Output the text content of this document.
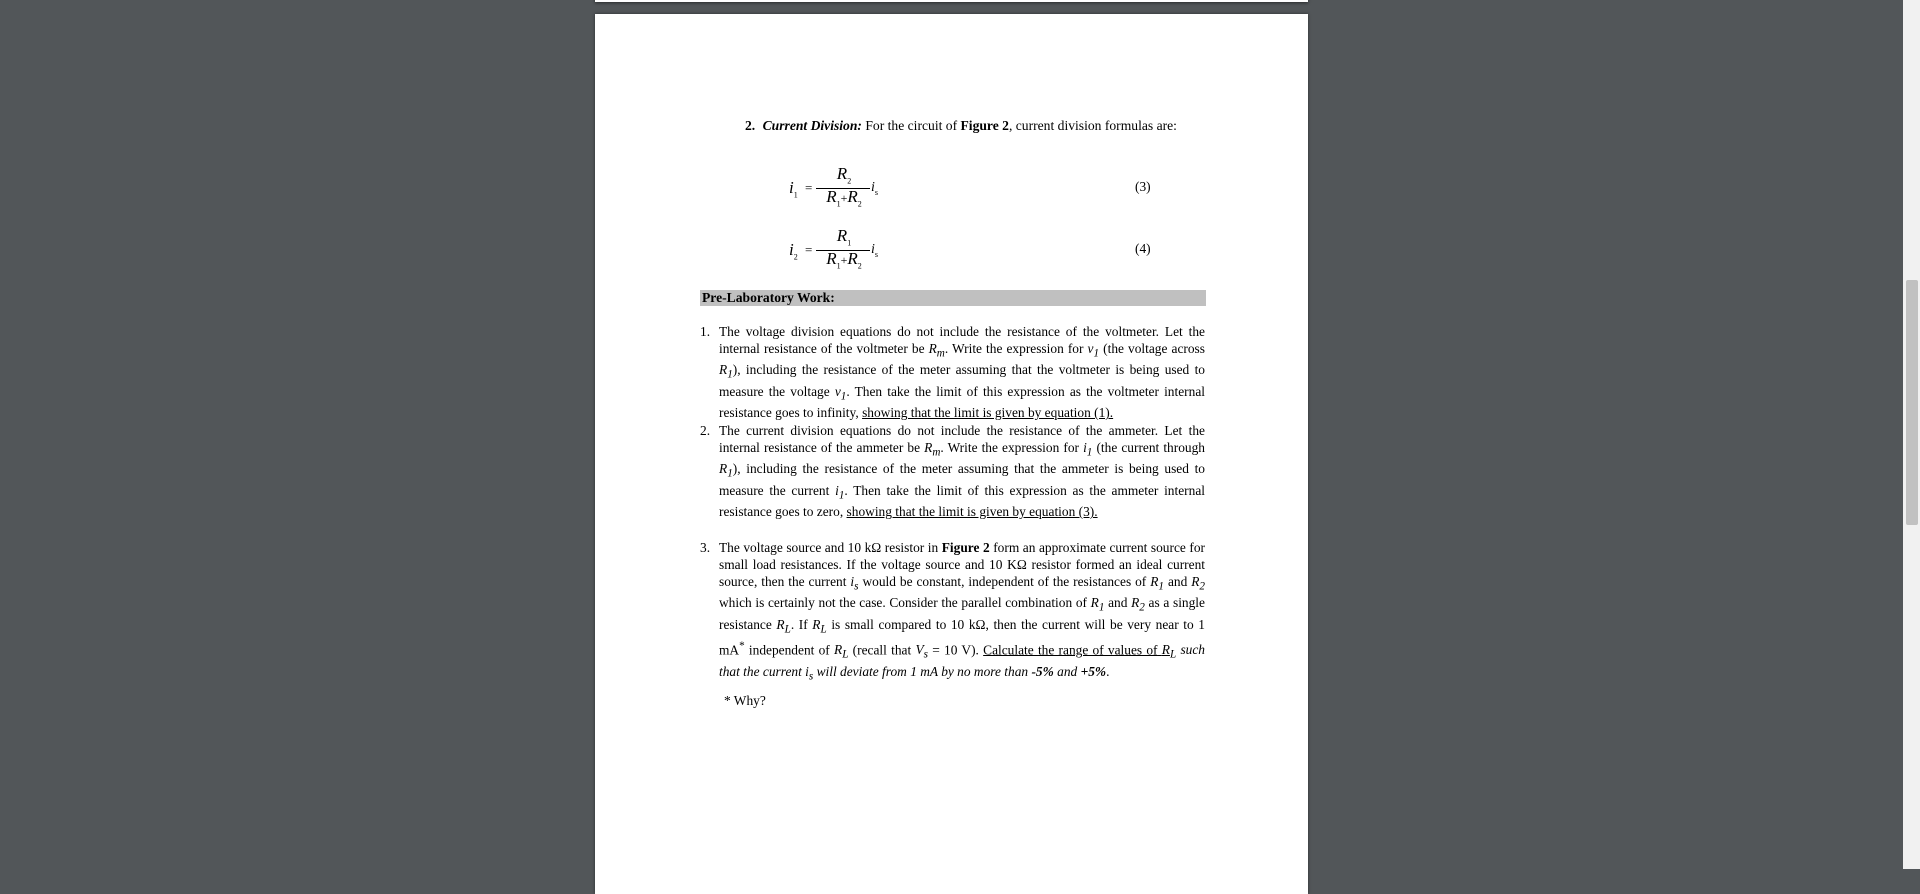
2. Current Division: For the circuit of Figure 2, current division formulas are:
$i_1$ =
$R_2$
$R_1+R_2$
$i_s$	(3)
$i_2$ =
$R_1$
$R_1+R_2$
$i_s$	(4)
Pre-Laboratory Work:
1. The voltage division equations do not include the resistance of the voltmeter. Let the internal resistance of the voltmeter be $R_m$. Write the expression for $v_1$ (the voltage across $R_1$), including the resistance of the meter assuming that the voltmeter is being used to measure the voltage $v_1$. Then take the limit of this expression as the voltmeter internal resistance goes to infinity, showing that the limit is given by equation (1).
2. The current division equations do not include the resistance of the ammeter. Let the internal resistance of the ammeter be $R_m$. Write the expression for $i_1$ (the current through $R_1$), including the resistance of the meter assuming that the ammeter is being used to measure the current $i_1$. Then take the limit of this expression as the ammeter internal resistance goes to zero, showing that the limit is given by equation (3).
3. The voltage source and 10 kΩ resistor in Figure 2 form an approximate current source for small load resistances. If the voltage source and 10 KΩ resistor formed an ideal current source, then the current $i_s$ would be constant, independent of the resistances of $R_1$ and $R_2$ which is certainly not the case. Consider the parallel combination of $R_1$ and $R_2$ as a single resistance $R_L$. If $R_L$ is small compared to 10 kΩ, then the current will be very near to 1 mA* independent of $R_L$ (recall that $V_s = 10$ V). Calculate the range of values of $R_L$ such that the current $i_s$ will deviate from 1 mA by no more than -5% and +5%.
* Why?
